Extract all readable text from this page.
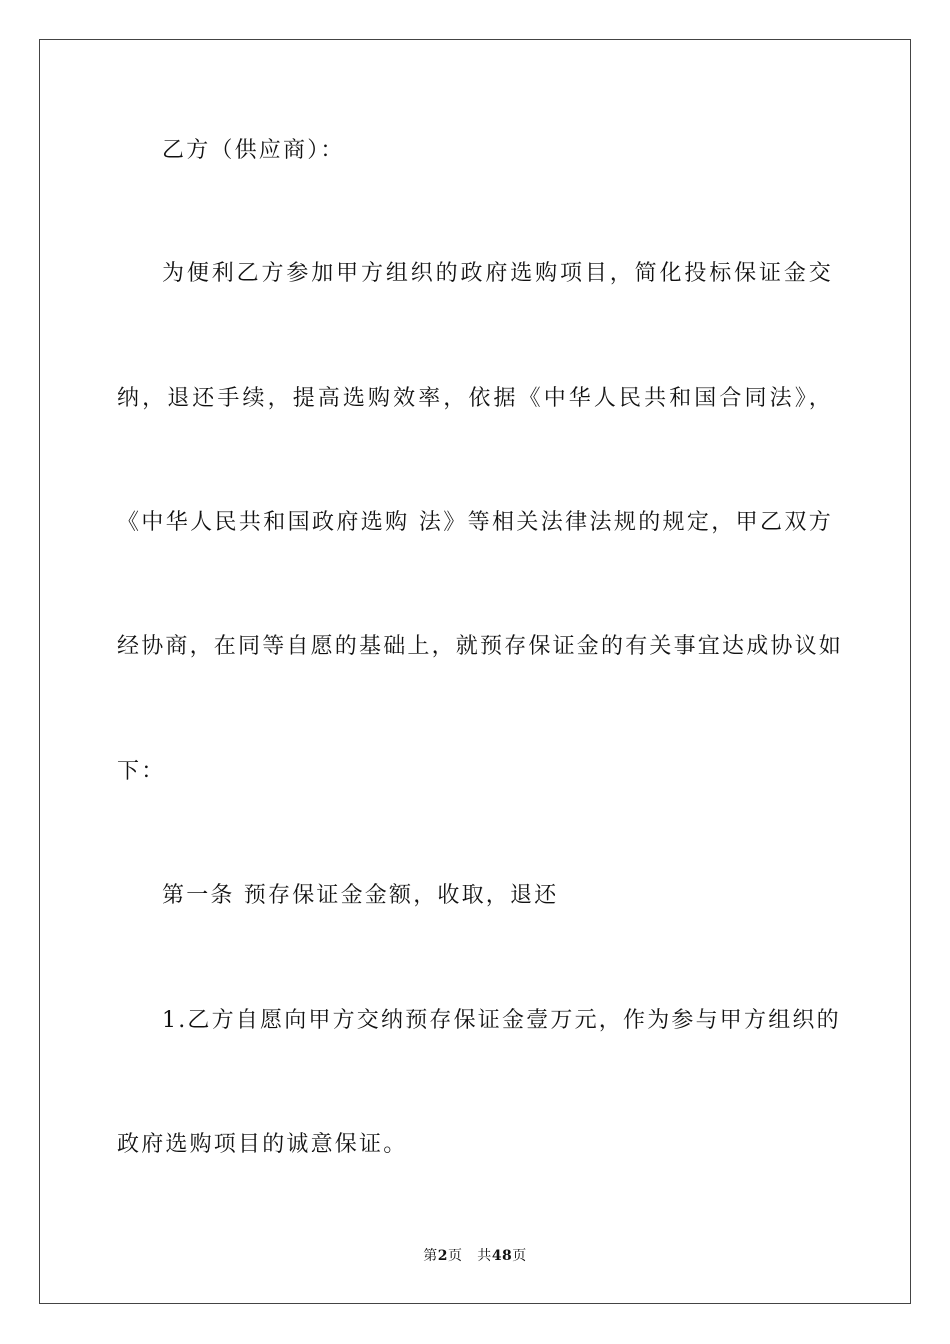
乙方（供应商）：
为便利乙方参加甲方组织的政府选购项目，简化投标保证金交
纳，退还手续，提高选购效率，依据《中华人民共和国合同法》，
《中华人民共和国政府选购 法》等相关法律法规的规定，甲乙双方
经协商，在同等自愿的基础上，就预存保证金的有关事宜达成协议如
下：
第一条 预存保证金金额，收取，退还
1.乙方自愿向甲方交纳预存保证金壹万元，作为参与甲方组织的
政府选购项目的诚意保证。
第2页   共48页
